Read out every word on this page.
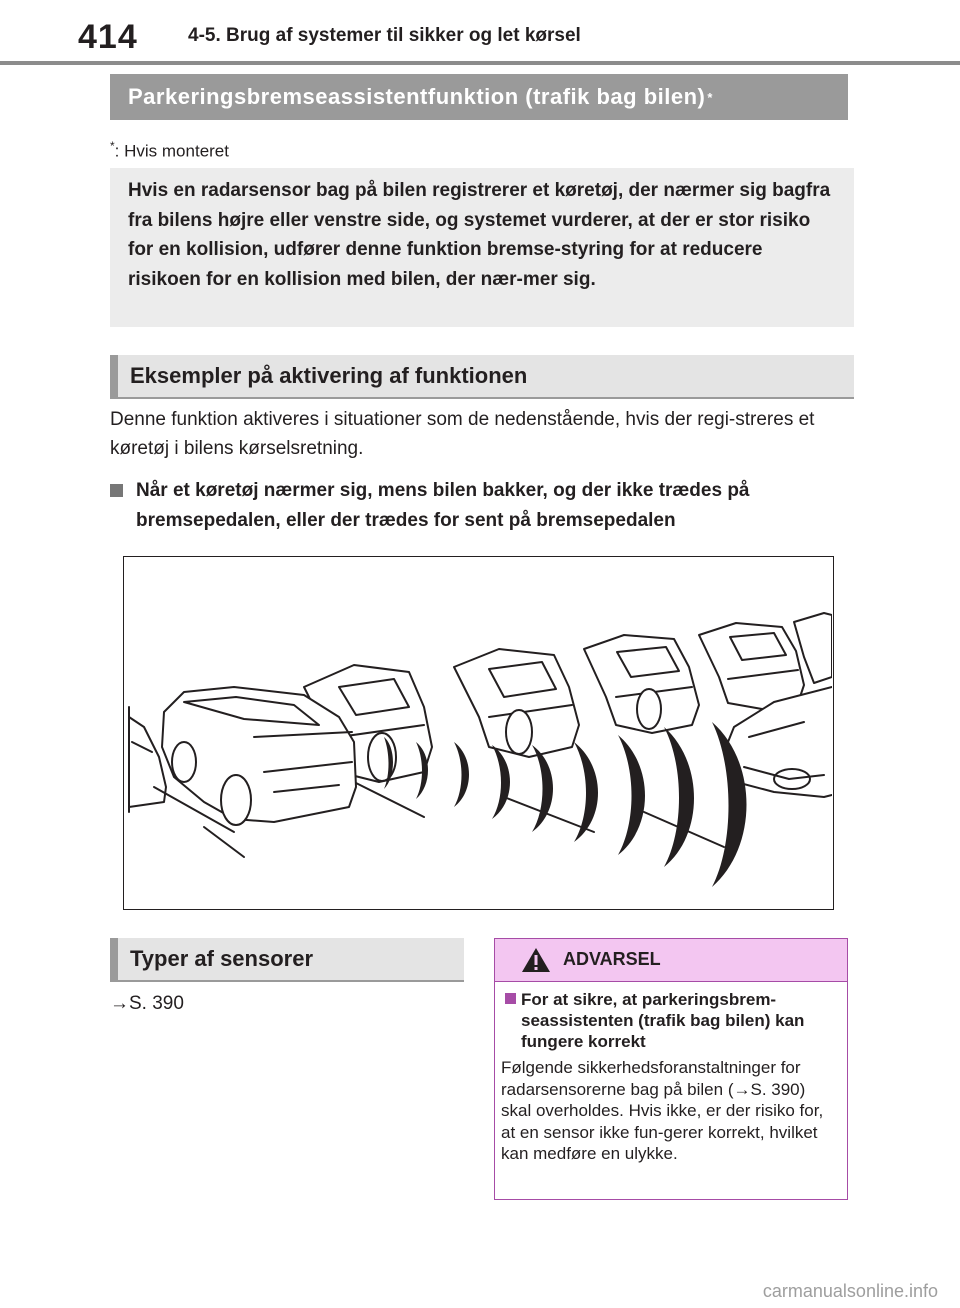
414	4-5. Brug af systemer til sikker og let kørsel
Parkeringsbremseassistentfunktion (trafik bag bilen) *
*: Hvis monteret
Hvis en radarsensor bag på bilen registrerer et køretøj, der nærmer sig bagfra fra bilens højre eller venstre side, og systemet vurderer, at der er stor risiko for en kollision, udfører denne funktion bremse-styring for at reducere risikoen for en kollision med bilen, der nær-mer sig.
Eksempler på aktivering af funktionen
Denne funktion aktiveres i situationer som de nedenstående, hvis der regi-streres et køretøj i bilens kørselsretning.
Når et køretøj nærmer sig, mens bilen bakker, og der ikke trædes på bremsepedalen, eller der trædes for sent på bremsepedalen
Typer af sensorer
→S. 390
ADVARSEL
For at sikre, at parkeringsbrem-seassistenten (trafik bag bilen) kan fungere korrekt
Følgende sikkerhedsforanstaltninger for radarsensorerne bag på bilen (→S. 390) skal overholdes. Hvis ikke, er der risiko for, at en sensor ikke fun-gerer korrekt, hvilket kan medføre en ulykke.
carmanualsonline.info
